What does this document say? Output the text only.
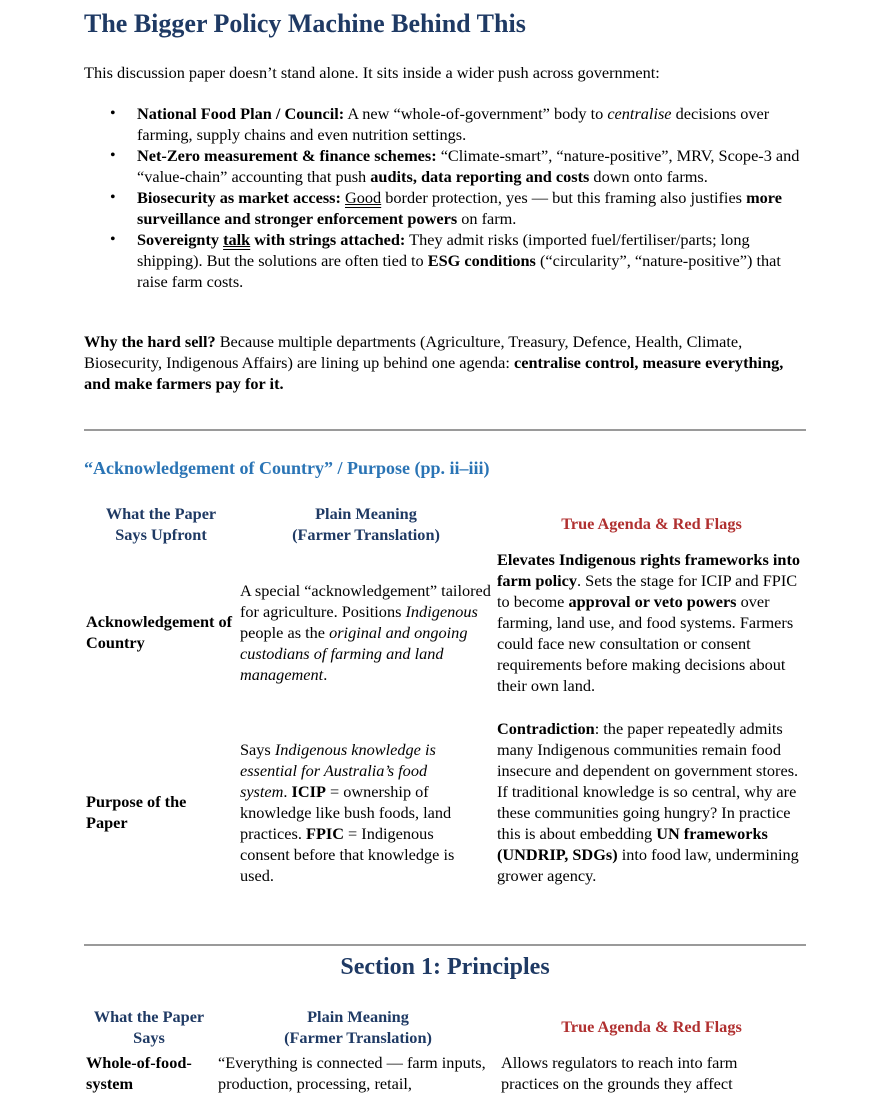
The Bigger Policy Machine Behind This

This discussion paper doesn’t stand alone. It sits inside a wider push across government:

• National Food Plan / Council: A new “whole-of-government” body to centralise decisions over farming, supply chains and even nutrition settings.
• Net-Zero measurement & finance schemes: “Climate-smart”, “nature-positive”, MRV, Scope-3 and “value-chain” accounting that push audits, data reporting and costs down onto farms.
• Biosecurity as market access: Good border protection, yes — but this framing also justifies more surveillance and stronger enforcement powers on farm.
• Sovereignty talk with strings attached: They admit risks (imported fuel/fertiliser/parts; long shipping). But the solutions are often tied to ESG conditions (“circularity”, “nature-positive”) that raise farm costs.

Why the hard sell? Because multiple departments (Agriculture, Treasury, Defence, Health, Climate, Biosecurity, Indigenous Affairs) are lining up behind one agenda: centralise control, measure everything, and make farmers pay for it.

“Acknowledgement of Country” / Purpose (pp. ii–iii)
What the Paper
Says Upfront
Plain Meaning
(Farmer Translation)
True Agenda & Red Flags
Acknowledgement of Country
A special “acknowledgement” tailored for agriculture. Positions Indigenous people as the original and ongoing custodians of farming and land management.
Elevates Indigenous rights frameworks into farm policy. Sets the stage for ICIP and FPIC to become approval or veto powers over farming, land use, and food systems. Farmers could face new consultation or consent requirements before making decisions about their own land.
Purpose of the Paper
Says Indigenous knowledge is essential for Australia’s food system. ICIP = ownership of knowledge like bush foods, land practices. FPIC = Indigenous consent before that knowledge is used.
Contradiction: the paper repeatedly admits many Indigenous communities remain food insecure and dependent on government stores. If traditional knowledge is so central, why are these communities going hungry? In practice this is about embedding UN frameworks (UNDRIP, SDGs) into food law, undermining grower agency.
Section 1: Principles
What the Paper
Says
Plain Meaning
(Farmer Translation)
True Agenda & Red Flags
Whole-of-food-system
“Everything is connected — farm inputs, production, processing, retail,
Allows regulators to reach into farm practices on the grounds they affect
